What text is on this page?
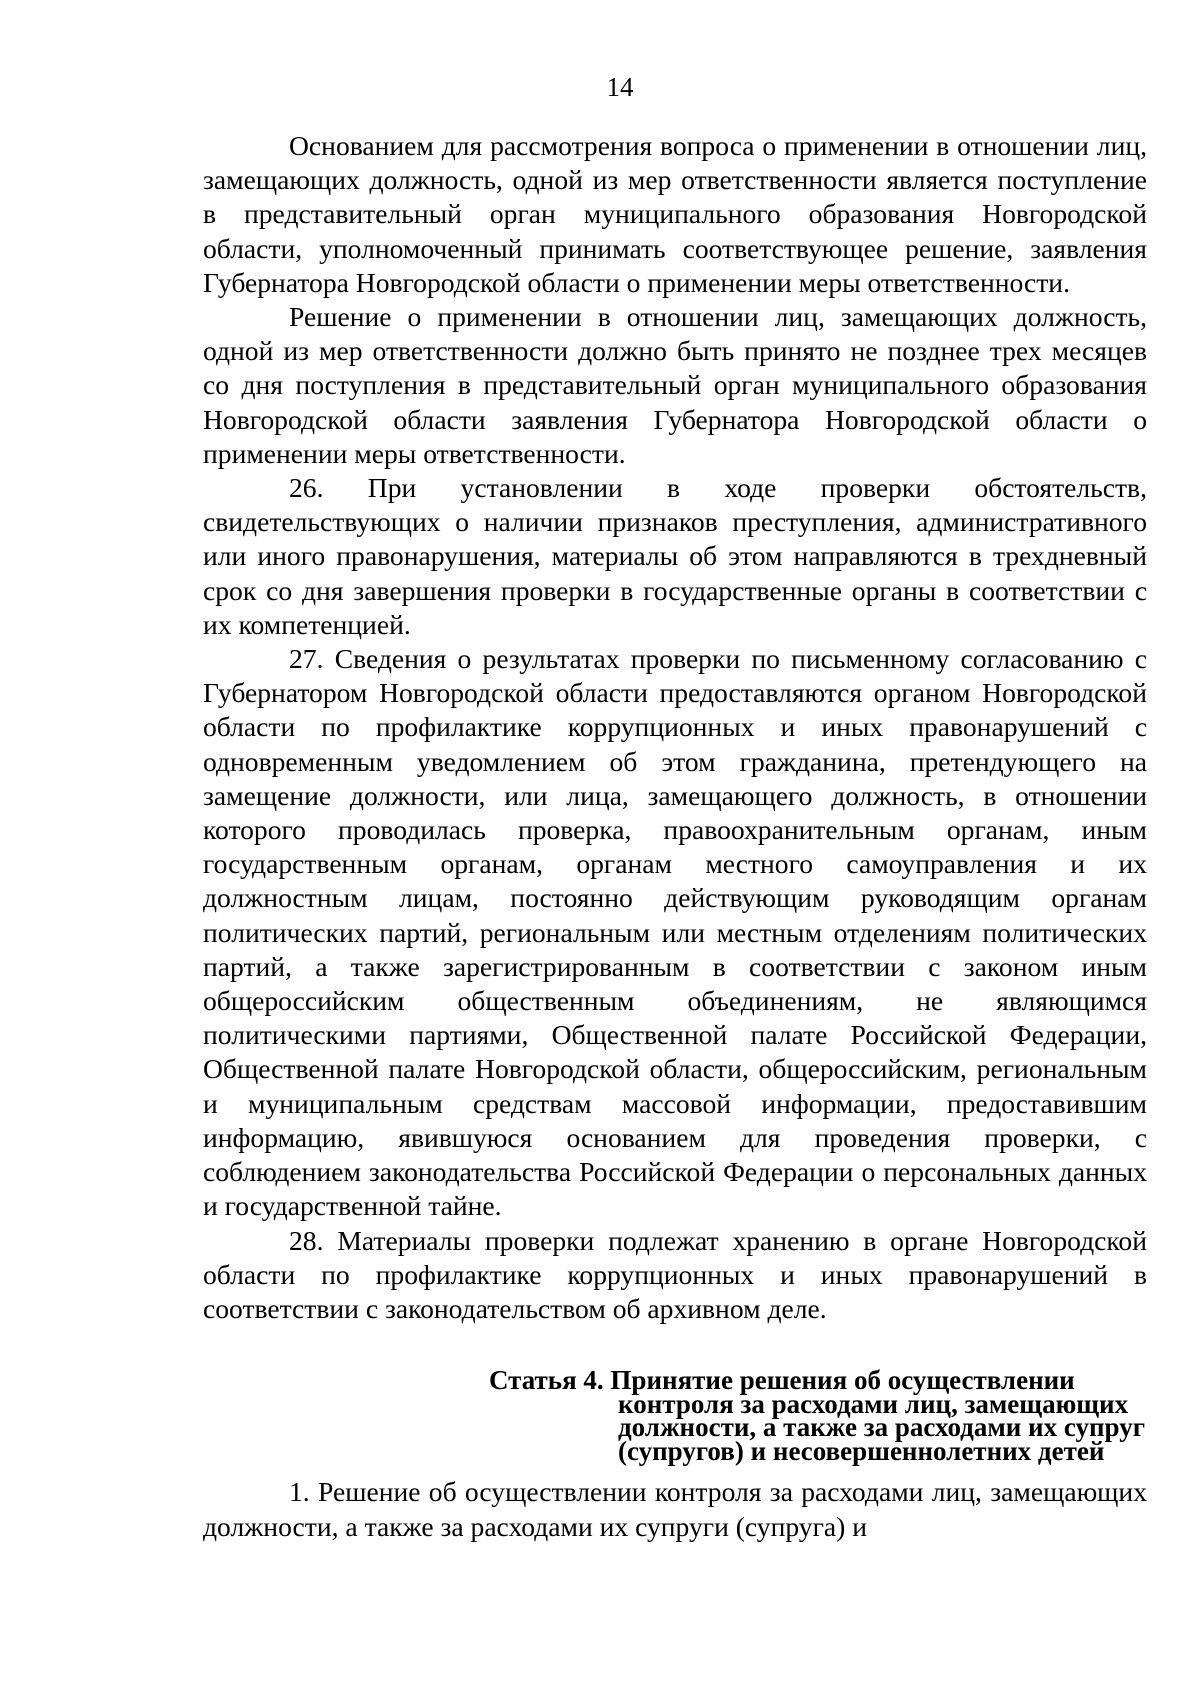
14

Основанием для рассмотрения вопроса о применении в отношении лиц, замещающих должность, одной из мер ответственности является поступление в представительный орган муниципального образования Новгородской области, уполномоченный принимать соответствующее решение, заявления Губернатора Новгородской области о применении меры ответственности.

Решение о применении в отношении лиц, замещающих должность, одной из мер ответственности должно быть принято не позднее трех месяцев со дня поступления в представительный орган муниципального образования Новгородской области заявления Губернатора Новгородской области о применении меры ответственности.

26. При установлении в ходе проверки обстоятельств, свидетельствующих о наличии признаков преступления, административного или иного правонарушения, материалы об этом направляются в трехдневный срок со дня завершения проверки в государственные органы в соответствии с их компетенцией.

27. Сведения о результатах проверки по письменному согласованию с Губернатором Новгородской области предоставляются органом Новгородской области по профилактике коррупционных и иных правонарушений с одновременным уведомлением об этом гражданина, претендующего на замещение должности, или лица, замещающего должность, в отношении которого проводилась проверка, правоохранительным органам, иным государственным органам, органам местного самоуправления и их должностным лицам, постоянно действующим руководящим органам политических партий, региональным или местным отделениям политических партий, а также зарегистрированным в соответствии с законом иным общероссийским общественным объединениям, не являющимся политическими партиями, Общественной палате Российской Федерации, Общественной палате Новгородской области, общероссийским, региональным и муниципальным средствам массовой информации, предоставившим информацию, явившуюся основанием для проведения проверки, с соблюдением законодательства Российской Федерации о персональных данных и государственной тайне.

28. Материалы проверки подлежат хранению в органе Новгородской области по профилактике коррупционных и иных правонарушений в соответствии с законодательством об архивном деле.

Статья 4. Принятие решения об осуществлении контроля за расходами лиц, замещающих должности, а также за расходами их супруг (супругов) и несовершеннолетних детей

1. Решение об осуществлении контроля за расходами лиц, замещающих должности, а также за расходами их супруги (супруга) и
